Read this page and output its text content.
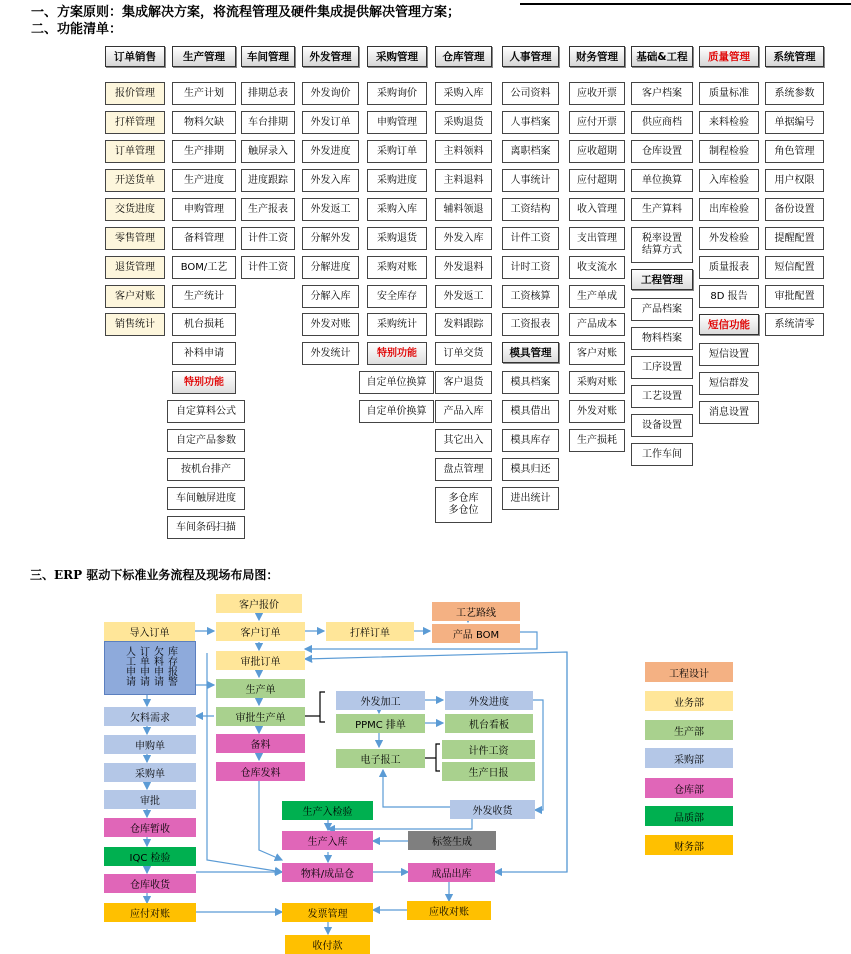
一、方案原则：集成解决方案，将流程管理及硬件集成提供解决管理方案；
二、功能清单：
订单销售
报价管理
打样管理
订单管理
开送货单
交货进度
零售管理
退货管理
客户对账
销售统计
生产管理
生产计划
物料欠缺
生产排期
生产进度
申购管理
备料管理
BOM/工艺
生产统计
机台损耗
补料申请
特别功能
自定算料公式
自定产品参数
按机台排产
车间触屏进度
车间条码扫描
车间管理
排期总表
车台排期
触屏录入
进度跟踪
生产报表
计件工资
计件工资
外发管理
外发询价
外发订单
外发进度
外发入库
外发返工
分解外发
分解进度
分解入库
外发对账
外发统计
采购管理
采购询价
申购管理
采购订单
采购进度
采购入库
采购退货
采购对账
安全库存
采购统计
特别功能
自定单位换算
自定单价换算
仓库管理
采购入库
采购退货
主料领料
主料退料
辅料领退
外发入库
外发退料
外发返工
发料跟踪
订单交货
客户退货
产品入库
其它出入
盘点管理
多仓库
多仓位
人事管理
公司资料
人事档案
离职档案
人事统计
工资结构
计件工资
计时工资
工资核算
工资报表
模具管理
模具档案
模具借出
模具库存
模具归还
进出统计
财务管理
应收开票
应付开票
应收超期
应付超期
收入管理
支出管理
收支流水
生产单成
产品成本
客户对账
采购对账
外发对账
生产损耗
基础&工程
客户档案
供应商档
仓库设置
单位换算
生产算料
税率设置
结算方式
工程管理
产品档案
物料档案
工序设置
工艺设置
设备设置
工作车间
质量管理
质量标准
来料检验
制程检验
入库检验
出库检验
外发检验
质量报表
8D 报告
短信功能
短信设置
短信群发
消息设置
系统管理
系统参数
单据编号
角色管理
用户权限
备份设置
提醒配置
短信配置
审批配置
系统清零
三、ERP 驱动下标准业务流程及现场布局图：
客户报价
导入订单	客户订单	打样订单
工艺路线
产品 BOM
审批订单
库存报警
欠料申请
订单申请
人工申请
生产单
欠料需求	审批生产单
外发加工	外发进度
申购单
PPMC 排单	机台看板
备料
采购单	仓库发料
电子报工
计件工资
生产日报
审批
外发收货
仓库暂收
生产入检验
IQC 检验
生产入库	标签生成
仓库收货
物料/成品仓	成品出库
应付对账	发票管理	应收对账
收付款
工程设计
业务部
生产部
采购部
仓库部
品质部
财务部
